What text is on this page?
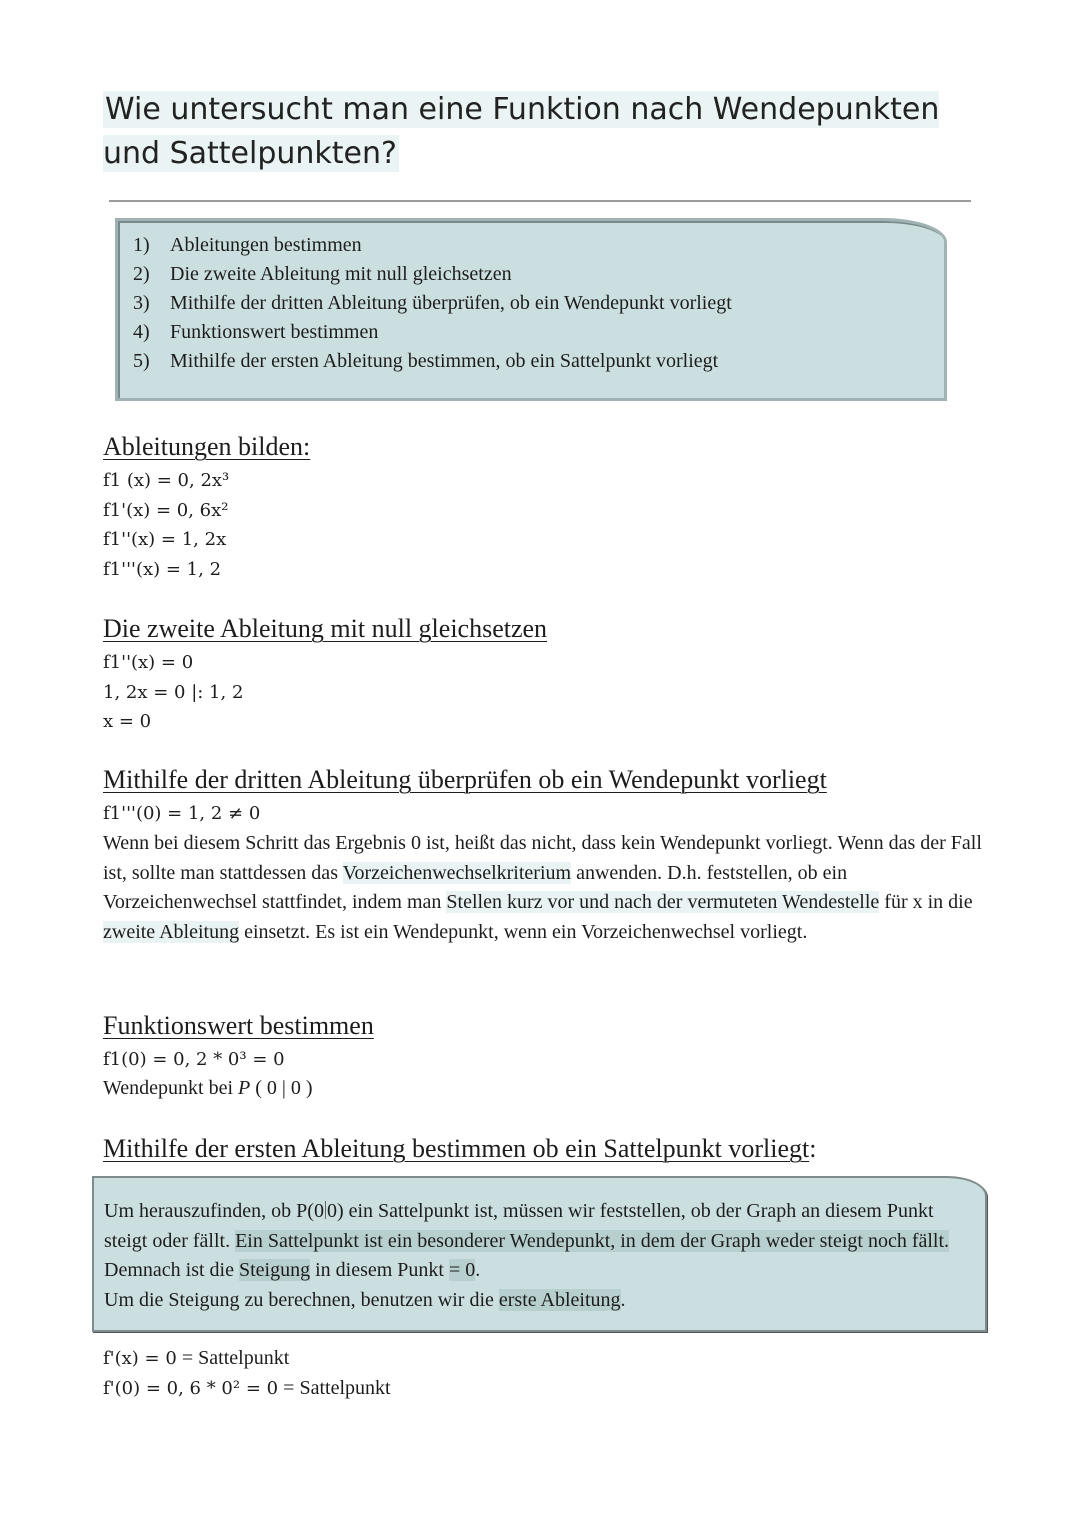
Wie untersucht man eine Funktion nach Wendepunkten und Sattelpunkten?
1)	Ableitungen bestimmen
2)	Die zweite Ableitung mit null gleichsetzen
3)	Mithilfe der dritten Ableitung überprüfen, ob ein Wendepunkt vorliegt
4)	Funktionswert bestimmen
5)	Mithilfe der ersten Ableitung bestimmen, ob ein Sattelpunkt vorliegt
Ableitungen bilden:
f1 (x) = 0, 2x³
f1'(x) = 0, 6x²
f1''(x) = 1, 2x
f1'''(x) = 1, 2
Die zweite Ableitung mit null gleichsetzen
f1''(x) = 0
1, 2x = 0 |: 1, 2
x = 0
Mithilfe der dritten Ableitung überprüfen ob ein Wendepunkt vorliegt
f1'''(0) = 1, 2 ≠ 0
Wenn bei diesem Schritt das Ergebnis 0 ist, heißt das nicht, dass kein Wendepunkt vorliegt. Wenn das der Fall ist, sollte man stattdessen das Vorzeichenwechselkriterium anwenden. D.h. feststellen, ob ein Vorzeichenwechsel stattfindet, indem man Stellen kurz vor und nach der vermuteten Wendestelle für x in die zweite Ableitung einsetzt. Es ist ein Wendepunkt, wenn ein Vorzeichenwechsel vorliegt.
Funktionswert bestimmen
f1(0) = 0, 2 * 0³ = 0
Wendepunkt bei P ( 0 | 0 )
Mithilfe der ersten Ableitung bestimmen ob ein Sattelpunkt vorliegt:
Um herauszufinden, ob P(0 0) ein Sattelpunkt ist, müssen wir feststellen, ob der Graph an diesem Punkt steigt oder fällt. Ein Sattelpunkt ist ein besonderer Wendepunkt, in dem der Graph weder steigt noch fällt. Demnach ist die Steigung in diesem Punkt = 0.
Um die Steigung zu berechnen, benutzen wir die erste Ableitung.
f'(x) = 0 = Sattelpunkt
f'(0) = 0, 6 * 0² = 0 = Sattelpunkt
